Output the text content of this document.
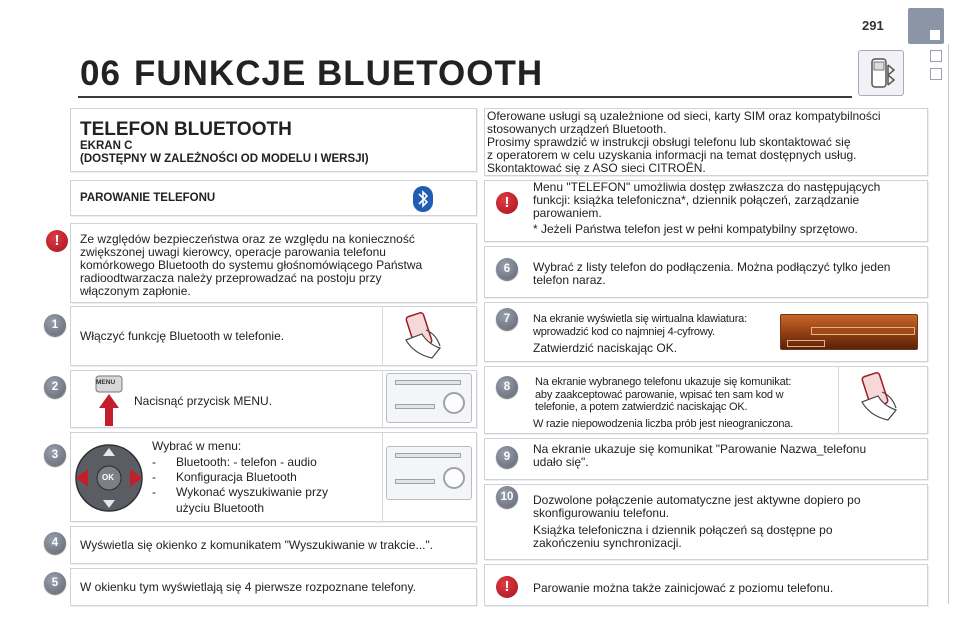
291
06 FUNKCJE BLUETOOTH
TELEFON BLUETOOTH
EKRAN C
(DOSTĘPNY W ZALEŻNOŚCI OD MODELU I WERSJI)
PAROWANIE TELEFONU
!	Ze względów bezpieczeństwa oraz ze względu na konieczność
zwiększonej uwagi kierowcy, operacje parowania telefonu
komórkowego Bluetooth do systemu głośnomówiącego Państwa
radioodtwarzacza należy przeprowadzać na postoju przy
włączonym zapłonie.
1
Włączyć funkcję Bluetooth w telefonie.
2	MENU
Nacisnąć przycisk MENU.
3
OK
Wybrać w menu:
- Bluetooth: - telefon - audio
- Konfiguracja Bluetooth
- Wykonać wyszukiwanie przy
użyciu Bluetooth
4	Wyświetla się okienko z komunikatem "Wyszukiwanie w trakcie...".
5	W okienku tym wyświetlają się 4 pierwsze rozpoznane telefony.
Oferowane usługi są uzależnione od sieci, karty SIM oraz kompatybilności
stosowanych urządzeń Bluetooth.
Prosimy sprawdzić w instrukcji obsługi telefonu lub skontaktować się
z operatorem w celu uzyskania informacji na temat dostępnych usług.
Skontaktować się z ASO sieci CITROËN.
!
Menu "TELEFON" umożliwia dostęp zwłaszcza do następujących
funkcji: książka telefoniczna*, dziennik połączeń, zarządzanie
parowaniem.
* Jeżeli Państwa telefon jest w pełni kompatybilny sprzętowo.
6	Wybrać z listy telefon do podłączenia. Można podłączyć tylko jeden
telefon naraz.
7	Na ekranie wyświetla się wirtualna klawiatura:
wprowadzić kod co najmniej 4-cyfrowy.
Zatwierdzić naciskając OK.
8	Na ekranie wybranego telefonu ukazuje się komunikat:
aby zaakceptować parowanie, wpisać ten sam kod w
telefonie, a potem zatwierdzić naciskając OK.
W razie niepowodzenia liczba prób jest nieograniczona.
9
Na ekranie ukazuje się komunikat "Parowanie Nazwa_telefonu
udało się".
10	Dozwolone połączenie automatyczne jest aktywne dopiero po
skonfigurowaniu telefonu.
Książka telefoniczna i dziennik połączeń są dostępne po
zakończeniu synchronizacji.
!	Parowanie można także zainicjować z poziomu telefonu.
